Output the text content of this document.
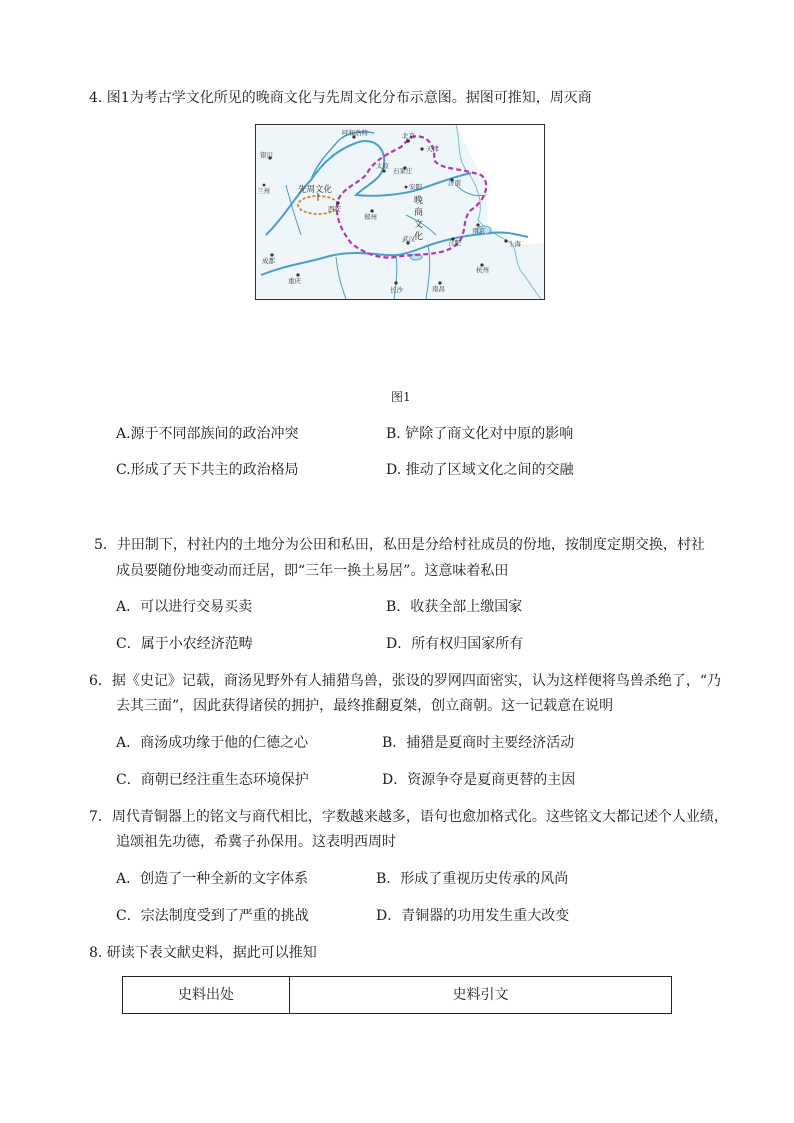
4. 图1为考古学文化所见的晚商文化与先周文化分布示意图。据图可推知，周灭商
呼和浩特	北京
天津
银川
太原
石家庄
济南
安阳
西安
郑州
南京
上海
合肥
武汉
杭州
成都
重庆
长沙	南昌
兰州	先周文化
晚
商
文
化
图1
A.源于不同部族间的政治冲突	B. 铲除了商文化对中原的影响
C.形成了天下共主的政治格局	D. 推动了区域文化之间的交融
5．井田制下，村社内的土地分为公田和私田，私田是分给村社成员的份地，按制度定期交换，村社
成员要随份地变动而迁居，即“三年一换土易居”。这意味着私田
A．可以进行交易买卖	B．收获全部上缴国家
C．属于小农经济范畴	D．所有权归国家所有
6．据《史记》记载，商汤见野外有人捕猎鸟兽，张设的罗网四面密实，认为这样便将鸟兽杀绝了，“乃
去其三面”，因此获得诸侯的拥护，最终推翻夏桀，创立商朝。这一记载意在说明
A．商汤成功缘于他的仁德之心	B．捕猎是夏商时主要经济活动
C．商朝已经注重生态环境保护	D．资源争夺是夏商更替的主因
7．周代青铜器上的铭文与商代相比，字数越来越多，语句也愈加格式化。这些铭文大都记述个人业绩，
追颂祖先功德，希冀子孙保用。这表明西周时
A．创造了一种全新的文字体系	B．形成了重视历史传承的风尚
C．宗法制度受到了严重的挑战	D．青铜器的功用发生重大改变
8. 研读下表文献史料，据此可以推知
史料出处	史料引文
